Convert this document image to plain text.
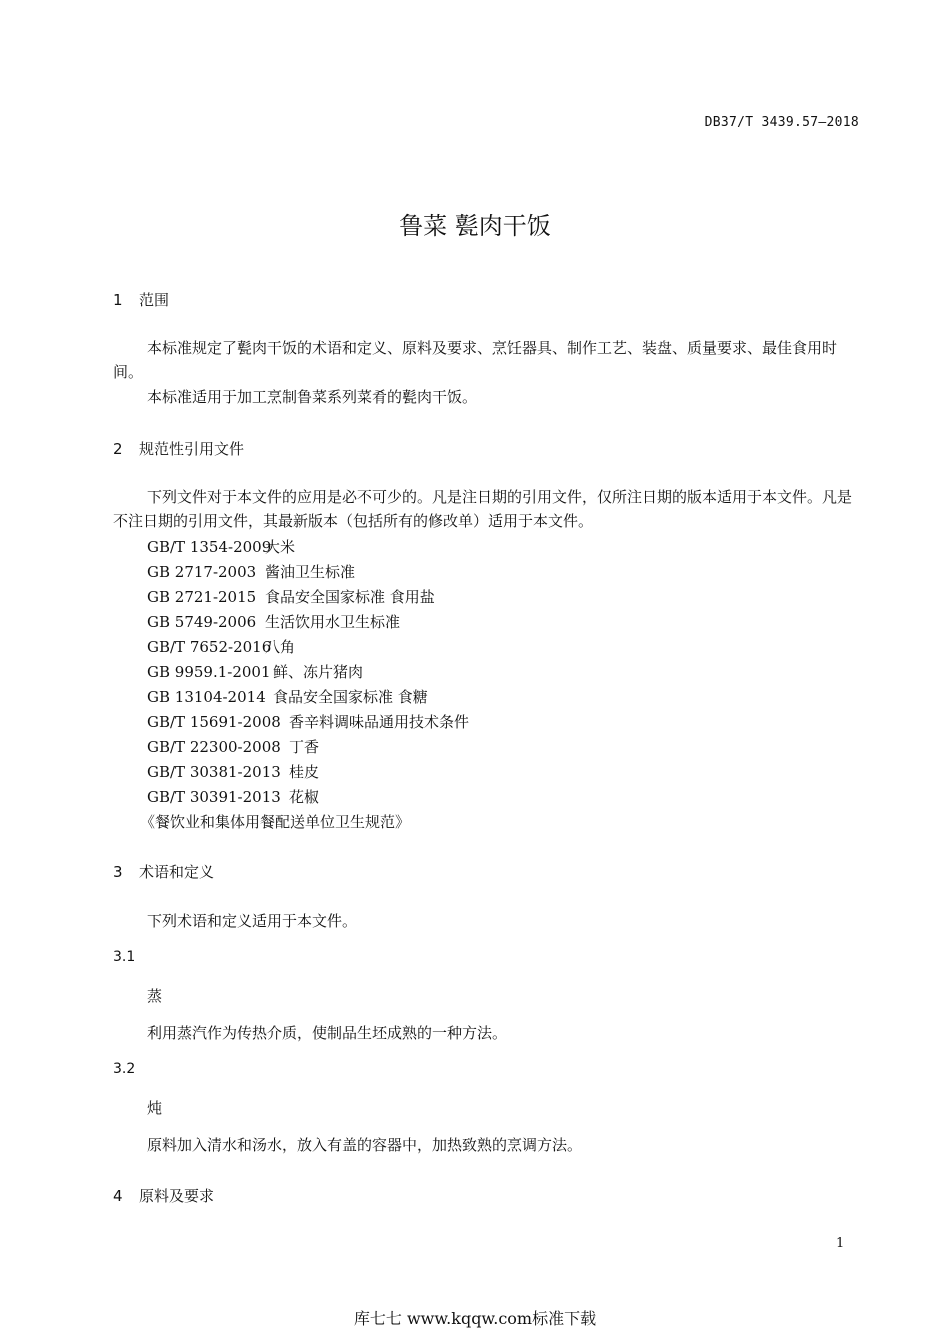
DB37/T 3439.57—2018
鲁菜 甏肉干饭
1 范围
本标准规定了甏肉干饭的术语和定义、原料及要求、烹饪器具、制作工艺、装盘、质量要求、最佳食用时间。
本标准适用于加工烹制鲁菜系列菜肴的甏肉干饭。
2 规范性引用文件
下列文件对于本文件的应用是必不可少的。凡是注日期的引用文件，仅所注日期的版本适用于本文件。凡是不注日期的引用文件，其最新版本（包括所有的修改单）适用于本文件。
GB/T 1354-2009大米
GB 2717-2003 酱油卫生标准
GB 2721-2015 食品安全国家标准 食用盐
GB 5749-2006 生活饮用水卫生标准
GB/T 7652-2016八角
GB 9959.1-2001 鲜、冻片猪肉
GB 13104-2014 食品安全国家标准 食糖
GB/T 15691-2008 香辛料调味品通用技术条件
GB/T 22300-2008 丁香
GB/T 30381-2013 桂皮
GB/T 30391-2013 花椒
《餐饮业和集体用餐配送单位卫生规范》
3 术语和定义
下列术语和定义适用于本文件。
3.1
蒸
利用蒸汽作为传热介质，使制品生坯成熟的一种方法。
3.2
炖
原料加入清水和汤水，放入有盖的容器中，加热致熟的烹调方法。
4 原料及要求
1
库七七 www.kqqw.com标准下载
